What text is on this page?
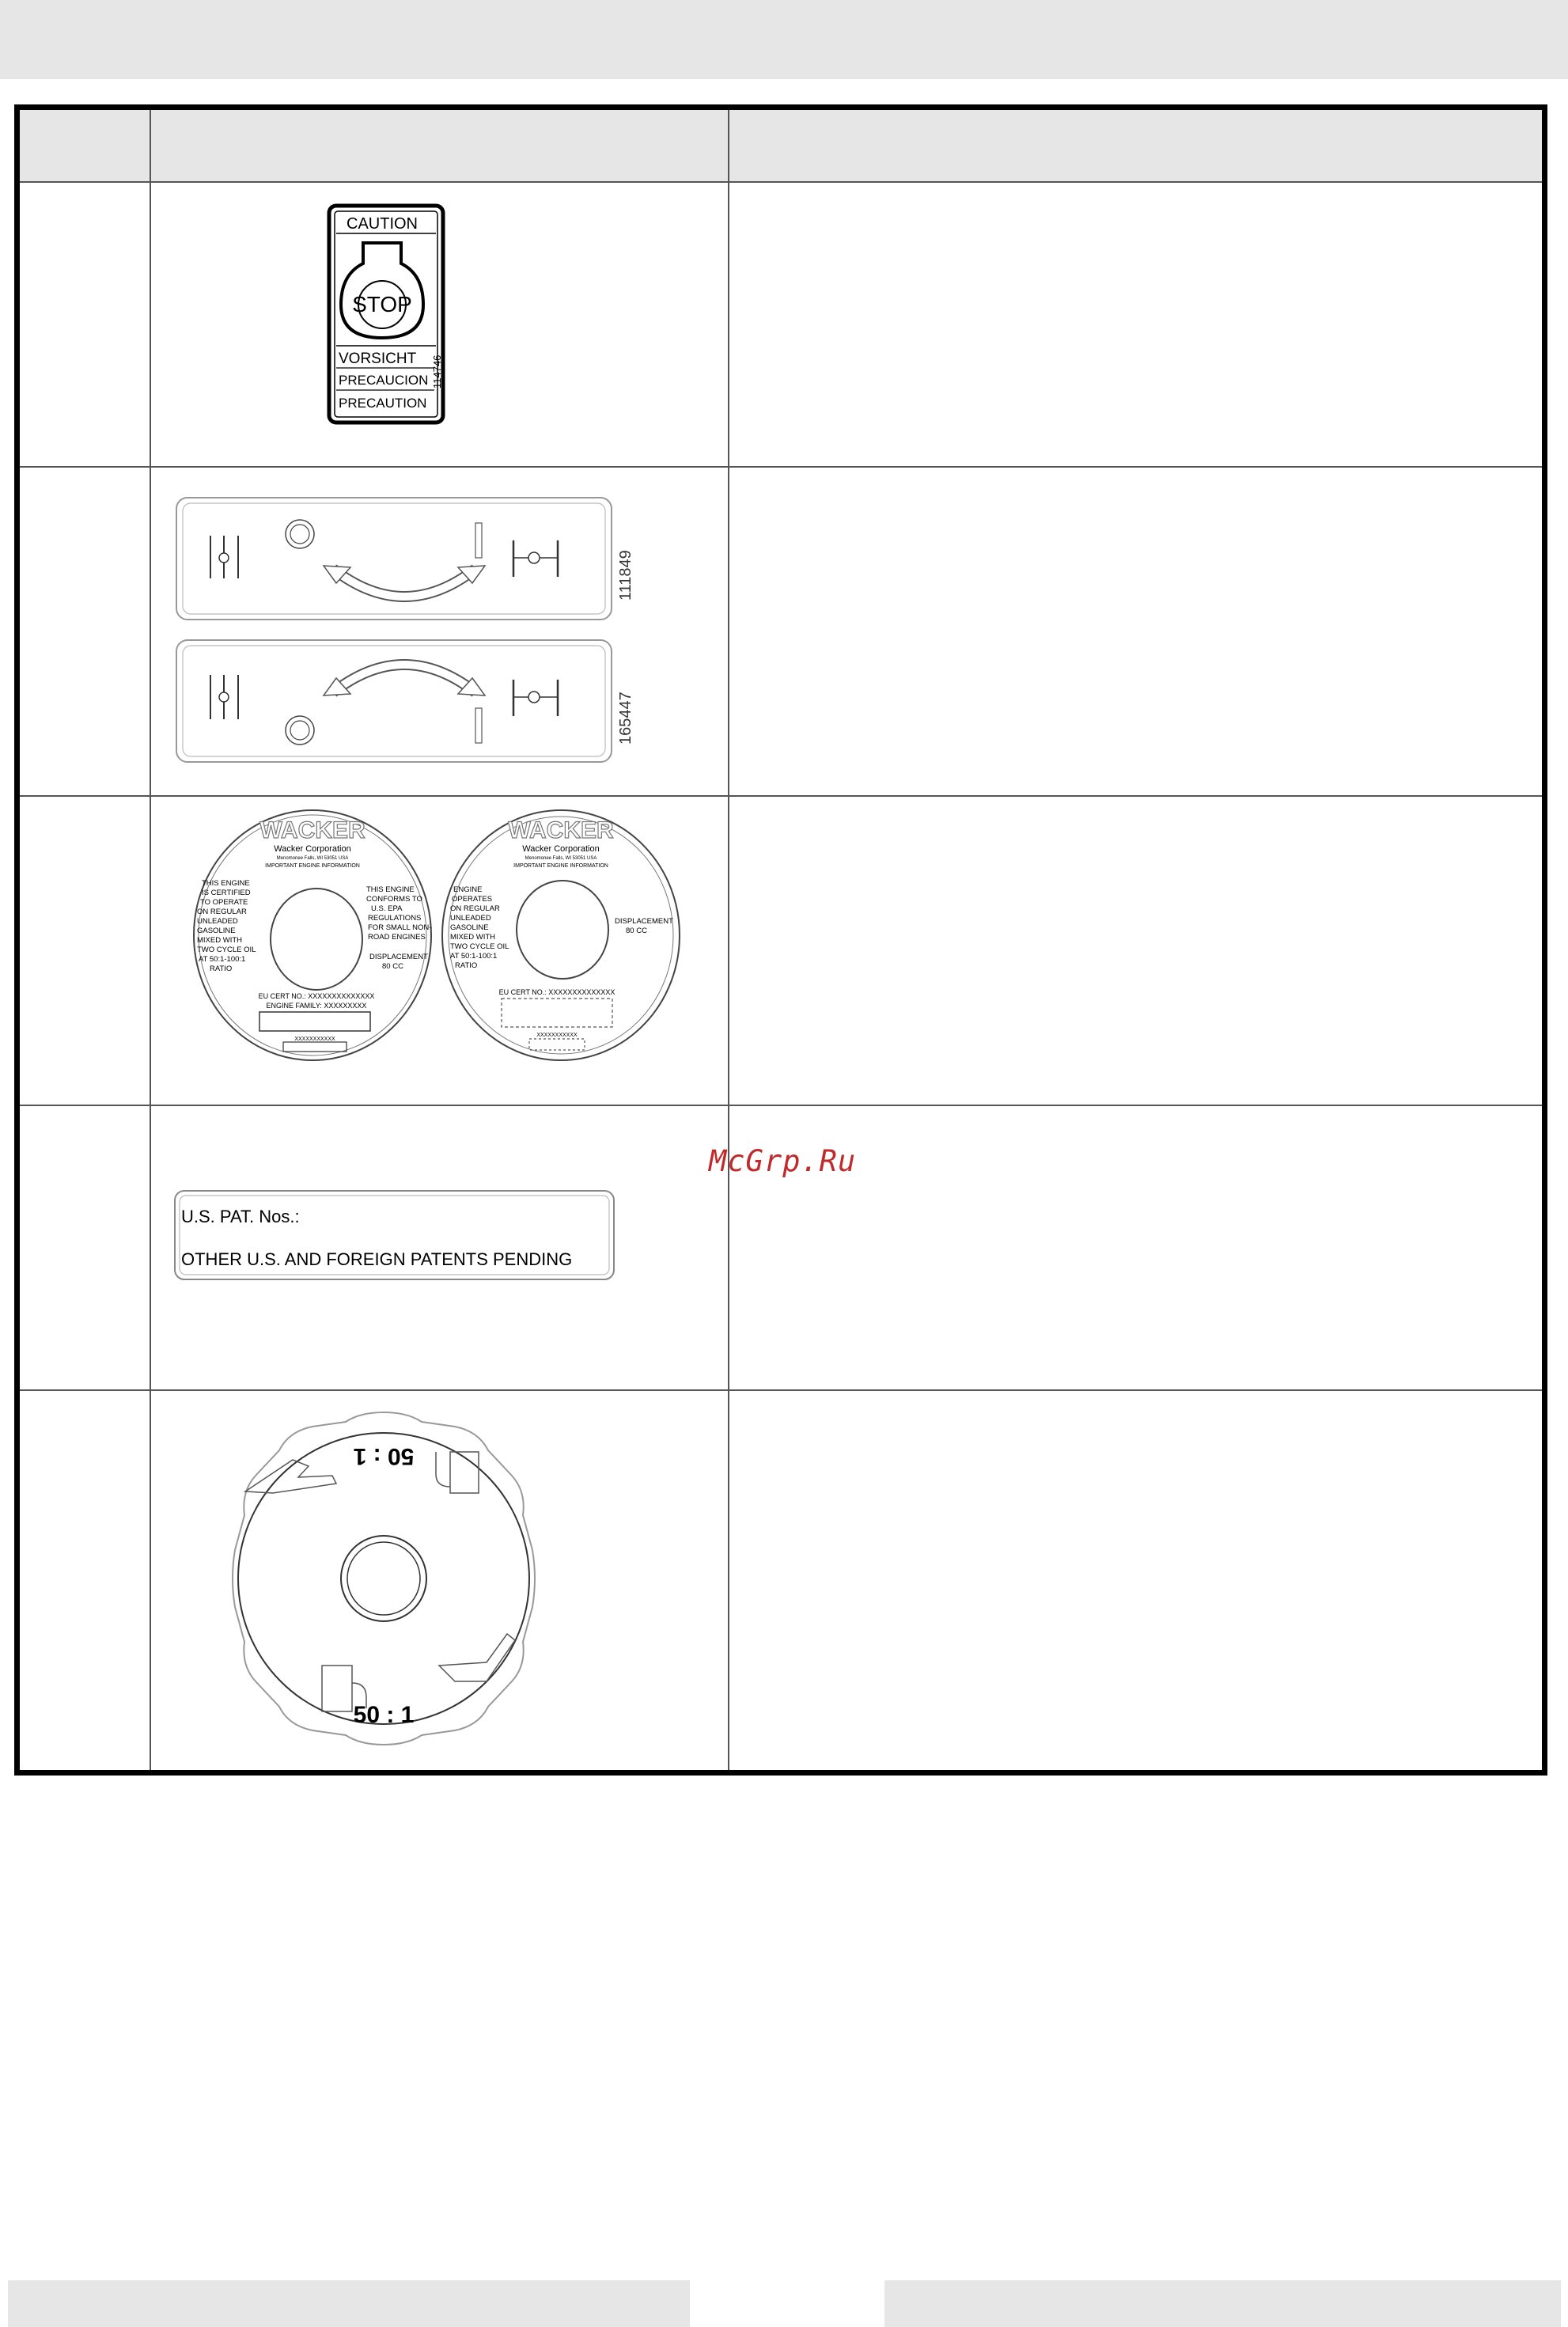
CAUTION
STOP
VORSICHT
PRECAUCION
PRECAUTION
114746
111849
165447
WACKER
Wacker Corporation
Menomonee Falls, WI 53051 USA
IMPORTANT ENGINE INFORMATION
THIS ENGINE
IS CERTIFIED
TO OPERATE
ON REGULAR
UNLEADED
GASOLINE
MIXED WITH
TWO CYCLE OIL
AT 50:1-100:1
RATIO
THIS ENGINE
CONFORMS TO
U.S. EPA
REGULATIONS
FOR SMALL NON-
ROAD ENGINES
DISPLACEMENT
80 CC
EU CERT NO.: XXXXXXXXXXXXXX
ENGINE FAMILY: XXXXXXXXX
XXXXXXXXXXX
WACKER
Wacker Corporation
Menomonee Falls, WI 53051 USA
IMPORTANT ENGINE INFORMATION
ENGINE
OPERATES
ON REGULAR
UNLEADED
GASOLINE
MIXED WITH
TWO CYCLE OIL
AT 50:1-100:1
RATIO
DISPLACEMENT
80 CC
EU CERT NO.: XXXXXXXXXXXXXX
XXXXXXXXXXX
U.S. PAT. Nos.:
OTHER U.S. AND FOREIGN PATENTS PENDING
50 : 1
50 : 1
McGrp.Ru
